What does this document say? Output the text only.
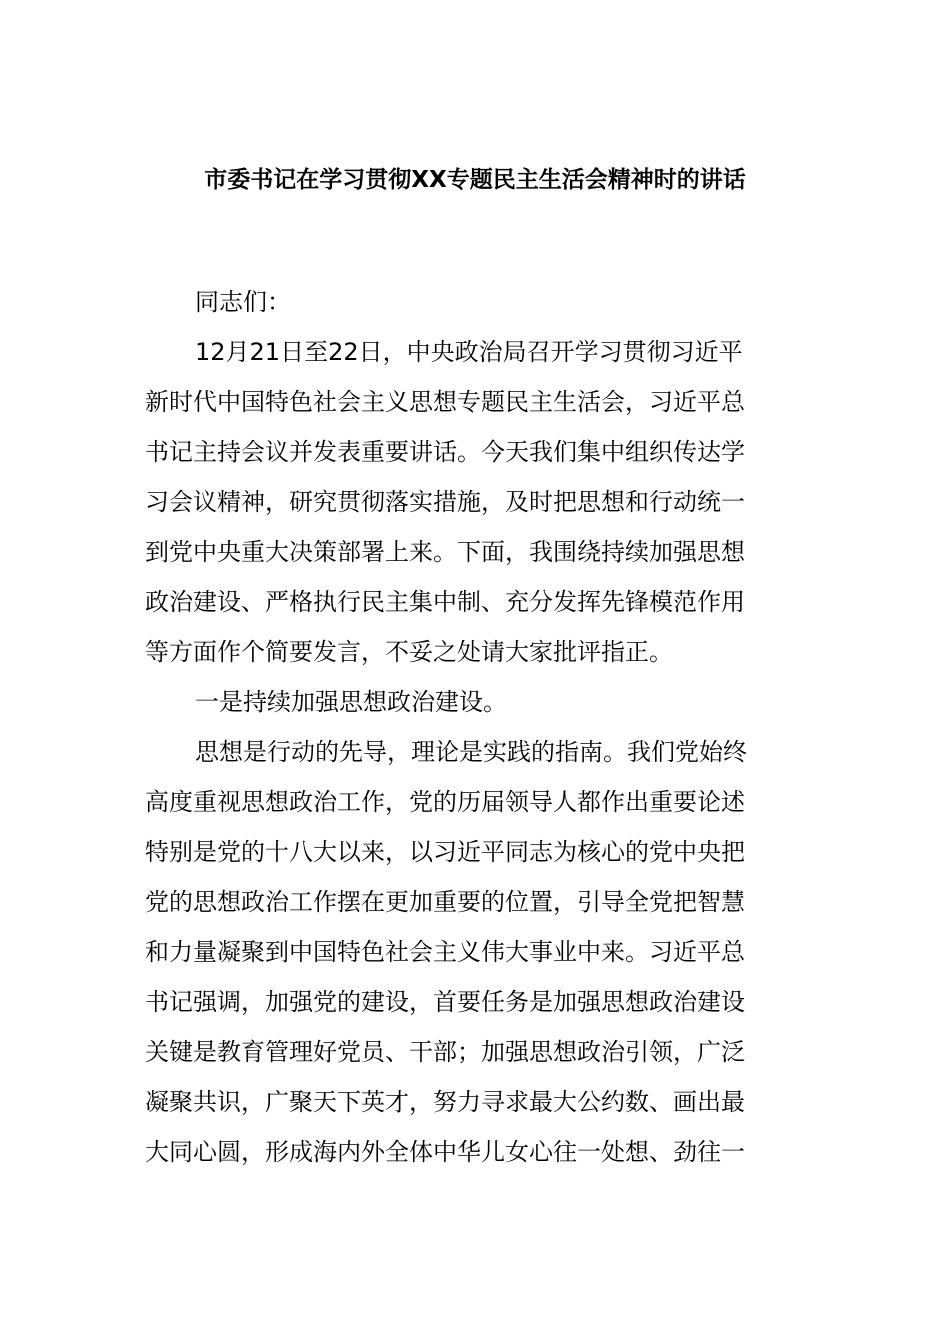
市委书记在学习贯彻XX专题民主生活会精神时的讲话

同志们：

12月21日至22日，中央政治局召开学习贯彻习近平
新时代中国特色社会主义思想专题民主生活会，习近平总
书记主持会议并发表重要讲话。今天我们集中组织传达学
习会议精神，研究贯彻落实措施，及时把思想和行动统一
到党中央重大决策部署上来。下面，我围绕持续加强思想
政治建设、严格执行民主集中制、充分发挥先锋模范作用
等方面作个简要发言，不妥之处请大家批评指正。

一是持续加强思想政治建设。

思想是行动的先导，理论是实践的指南。我们党始终
高度重视思想政治工作，党的历届领导人都作出重要论述
特别是党的十八大以来，以习近平同志为核心的党中央把
党的思想政治工作摆在更加重要的位置，引导全党把智慧
和力量凝聚到中国特色社会主义伟大事业中来。习近平总
书记强调，加强党的建设，首要任务是加强思想政治建设
关键是教育管理好党员、干部；加强思想政治引领，广泛
凝聚共识，广聚天下英才，努力寻求最大公约数、画出最
大同心圆，形成海内外全体中华儿女心往一处想、劲往一
